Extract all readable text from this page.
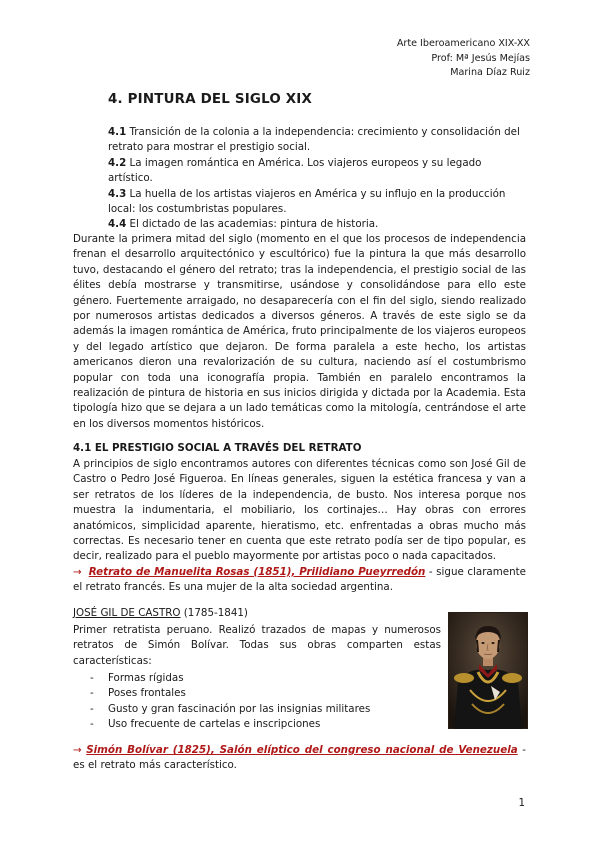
Arte Iberoamericano XIX-XX
Prof: Mª Jesús Mejías
Marina Díaz Ruiz
4. PINTURA DEL SIGLO XIX

4.1 Transición de la colonia a la independencia: crecimiento y consolidación del retrato para mostrar el prestigio social.

4.2 La imagen romántica en América. Los viajeros europeos y su legado artístico.

4.3 La huella de los artistas viajeros en América y su influjo en la producción local: los costumbristas populares.

4.4 El dictado de las academias: pintura de historia.

Durante la primera mitad del siglo (momento en el que los procesos de independencia frenan el desarrollo arquitectónico y escultórico) fue la pintura la que más desarrollo tuvo, destacando el género del retrato; tras la independencia, el prestigio social de las élites debía mostrarse y transmitirse, usándose y consolidándose para ello este género. Fuertemente arraigado, no desaparecería con el fin del siglo, siendo realizado por numerosos artistas dedicados a diversos géneros. A través de este siglo se da además la imagen romántica de América, fruto principalmente de los viajeros europeos y del legado artístico que dejaron. De forma paralela a este hecho, los artistas americanos dieron una revalorización de su cultura, naciendo así el costumbrismo popular con toda una iconografía propia. También en paralelo encontramos la realización de pintura de historia en sus inicios dirigida y dictada por la Academia. Esta tipología hizo que se dejara a un lado temáticas como la mitología, centrándose el arte en los diversos momentos históricos.

4.1 EL PRESTIGIO SOCIAL A TRAVÉS DEL RETRATO

A principios de siglo encontramos autores con diferentes técnicas como son José Gil de Castro o Pedro José Figueroa. En líneas generales, siguen la estética francesa y van a ser retratos de los líderes de la independencia, de busto. Nos interesa porque nos muestra la indumentaria, el mobiliario, los cortinajes… Hay obras con errores anatómicos, simplicidad aparente, hieratismo, etc. enfrentadas a obras mucho más correctas. Es necesario tener en cuenta que este retrato podía ser de tipo popular, es decir, realizado para el pueblo mayormente por artistas poco o nada capacitados.

→ Retrato de Manuelita Rosas (1851), Prilidiano Pueyrredón - sigue claramente el retrato francés. Es una mujer de la alta sociedad argentina.

JOSÉ GIL DE CASTRO (1785-1841)

Primer retratista peruano. Realizó trazados de mapas y numerosos retratos de Simón Bolívar. Todas sus obras comparten estas características:

- Formas rígidas
- Poses frontales
- Gusto y gran fascinación por las insignias militares
- Uso frecuente de cartelas e inscripciones
→ Simón Bolívar (1825), Salón elíptico del congreso nacional de Venezuela - es el retrato más característico.
1
